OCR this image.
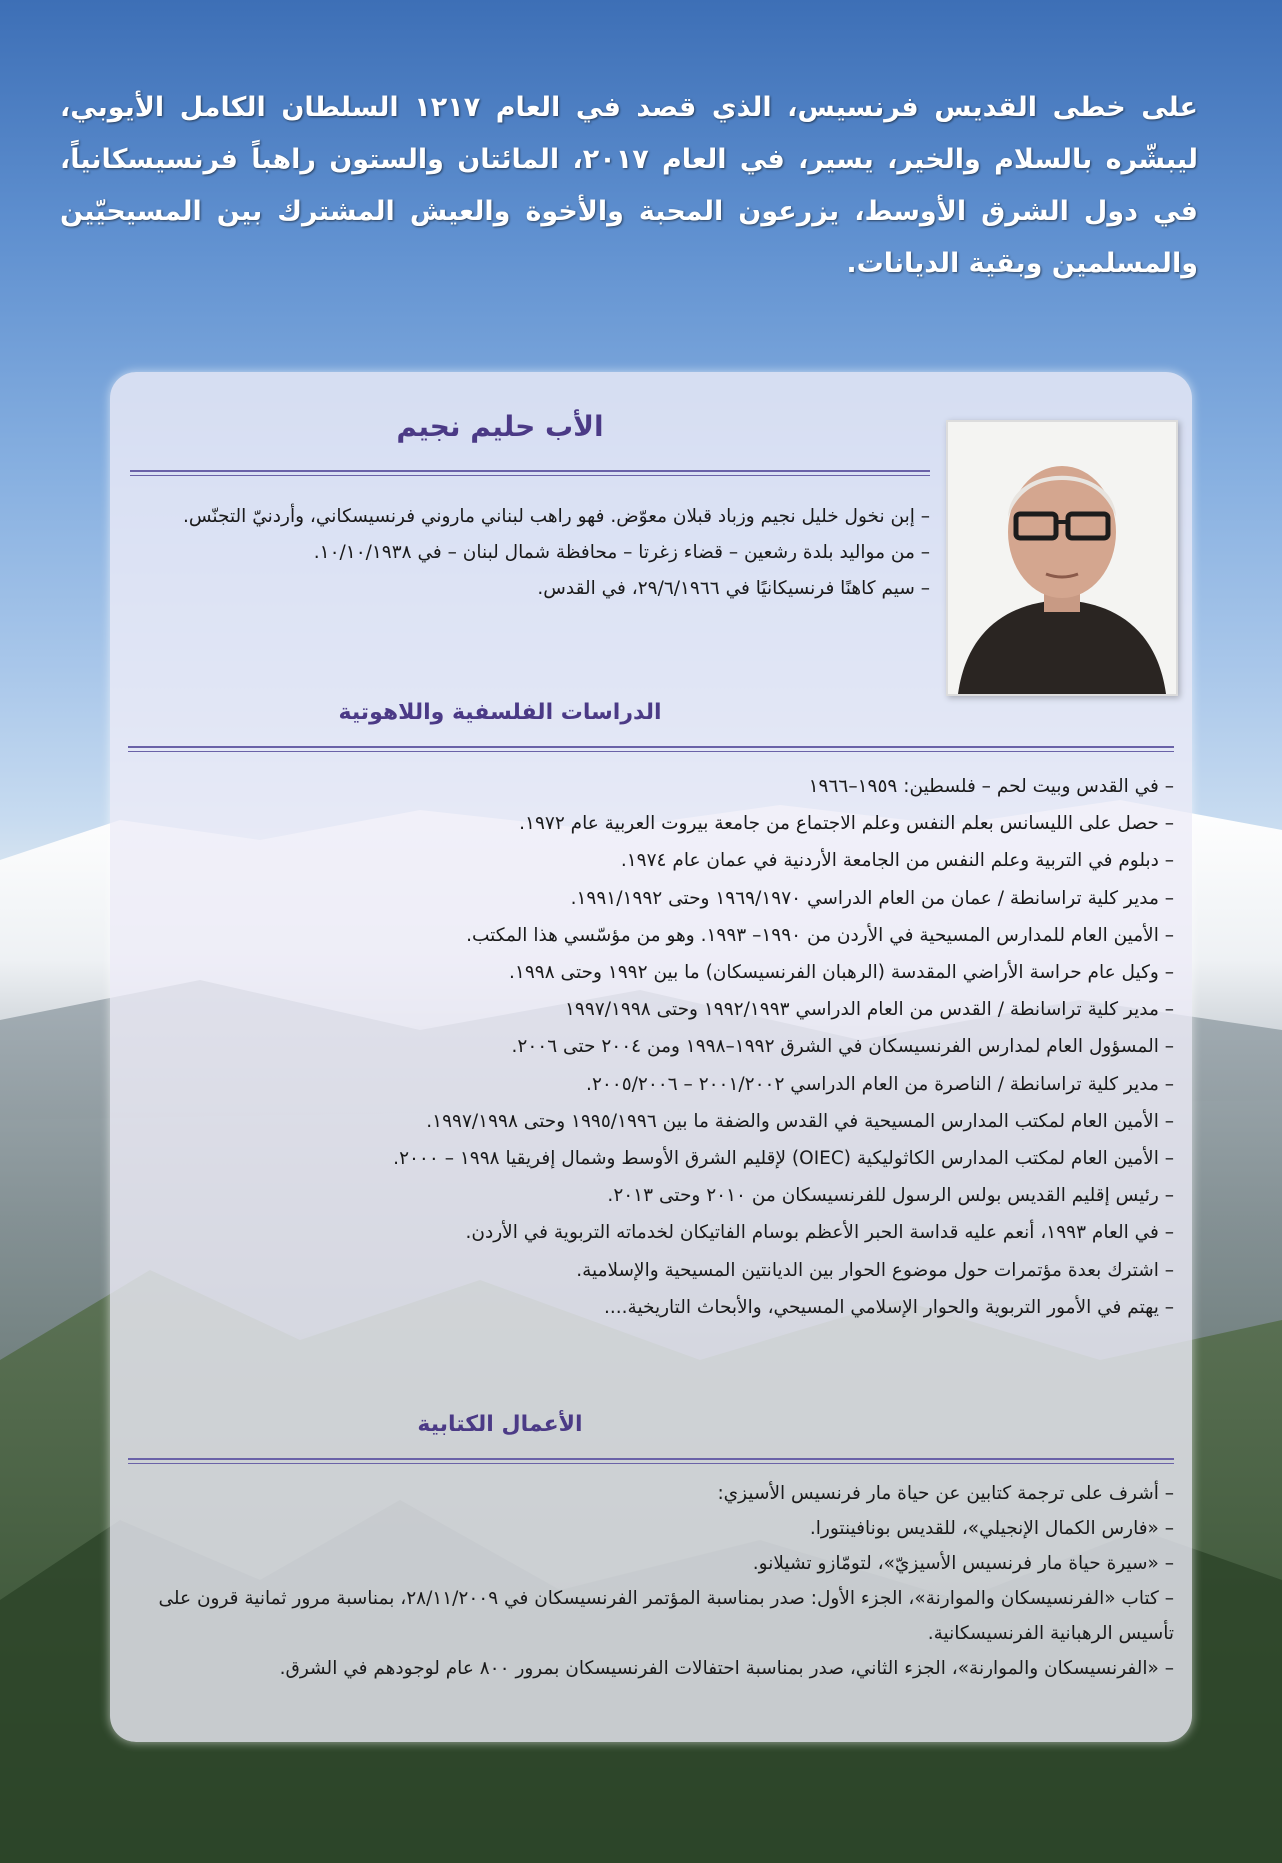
على خطى القديس فرنسيس، الذي قصد في العام ١٢١٧ السلطان الكامل الأيوبي، ليبشّره بالسلام والخير، يسير، في العام ٢٠١٧، المائتان والستون راهباً فرنسيسكانياً، في دول الشرق الأوسط، يزرعون المحبة والأخوة والعيش المشترك بين المسيحيّين والمسلمين وبقية الديانات.

الأب حليم نجيم
– إبن نخول خليل نجيم وزباد قبلان معوّض. فهو راهب لبناني ماروني فرنسيسكاني، وأردنيّ التجنّس.
– من مواليد بلدة رشعين – قضاء زغرتا – محافظة شمال لبنان – في ١٠/١٠/١٩٣٨.
– سيم كاهنًا فرنسيكانيًا في ٢٩/٦/١٩٦٦، في القدس.
الدراسات الفلسفية واللاهوتية
– في القدس وبيت لحم – فلسطين: ١٩٥٩–١٩٦٦
– حصل على الليسانس بعلم النفس وعلم الاجتماع من جامعة بيروت العربية عام ١٩٧٢.
– دبلوم في التربية وعلم النفس من الجامعة الأردنية في عمان عام ١٩٧٤.
– مدير كلية تراسانطة / عمان من العام الدراسي ١٩٦٩/١٩٧٠ وحتى ١٩٩١/١٩٩٢.
– الأمين العام للمدارس المسيحية في الأردن من ١٩٩٠– ١٩٩٣. وهو من مؤسّسي هذا المكتب.
– وكيل عام حراسة الأراضي المقدسة (الرهبان الفرنسيسكان) ما بين ١٩٩٢ وحتى ١٩٩٨.
– مدير كلية تراسانطة / القدس من العام الدراسي ١٩٩٢/١٩٩٣ وحتى ١٩٩٧/١٩٩٨
– المسؤول العام لمدارس الفرنسيسكان في الشرق ١٩٩٢–١٩٩٨ ومن ٢٠٠٤ حتى ٢٠٠٦.
– مدير كلية تراسانطة / الناصرة من العام الدراسي ٢٠٠١/٢٠٠٢ – ٢٠٠٥/٢٠٠٦.
– الأمين العام لمكتب المدارس المسيحية في القدس والضفة ما بين ١٩٩٥/١٩٩٦ وحتى ١٩٩٧/١٩٩٨.
– الأمين العام لمكتب المدارس الكاثوليكية (OIEC) لإقليم الشرق الأوسط وشمال إفريقيا ١٩٩٨ – ٢٠٠٠.
– رئيس إقليم القديس بولس الرسول للفرنسيسكان من ٢٠١٠ وحتى ٢٠١٣.
– في العام ١٩٩٣، أنعم عليه قداسة الحبر الأعظم بوسام الفاتيكان لخدماته التربوية في الأردن.
– اشترك بعدة مؤتمرات حول موضوع الحوار بين الديانتين المسيحية والإسلامية.
– يهتم في الأمور التربوية والحوار الإسلامي المسيحي، والأبحاث التاريخية....
الأعمال الكتابية
– أشرف على ترجمة كتابين عن حياة مار فرنسيس الأسيزي:
– «فارس الكمال الإنجيلي»، للقديس بونافينتورا.
– «سيرة حياة مار فرنسيس الأسيزيّ»، لتومّازو تشيلانو.
– كتاب «الفرنسيسكان والموارنة»، الجزء الأول: صدر بمناسبة المؤتمر الفرنسيسكان في ٢٨/١١/٢٠٠٩، بمناسبة مرور ثمانية قرون على تأسيس الرهبانية الفرنسيسكانية.
– «الفرنسيسكان والموارنة»، الجزء الثاني، صدر بمناسبة احتفالات الفرنسيسكان بمرور ٨٠٠ عام لوجودهم في الشرق.
